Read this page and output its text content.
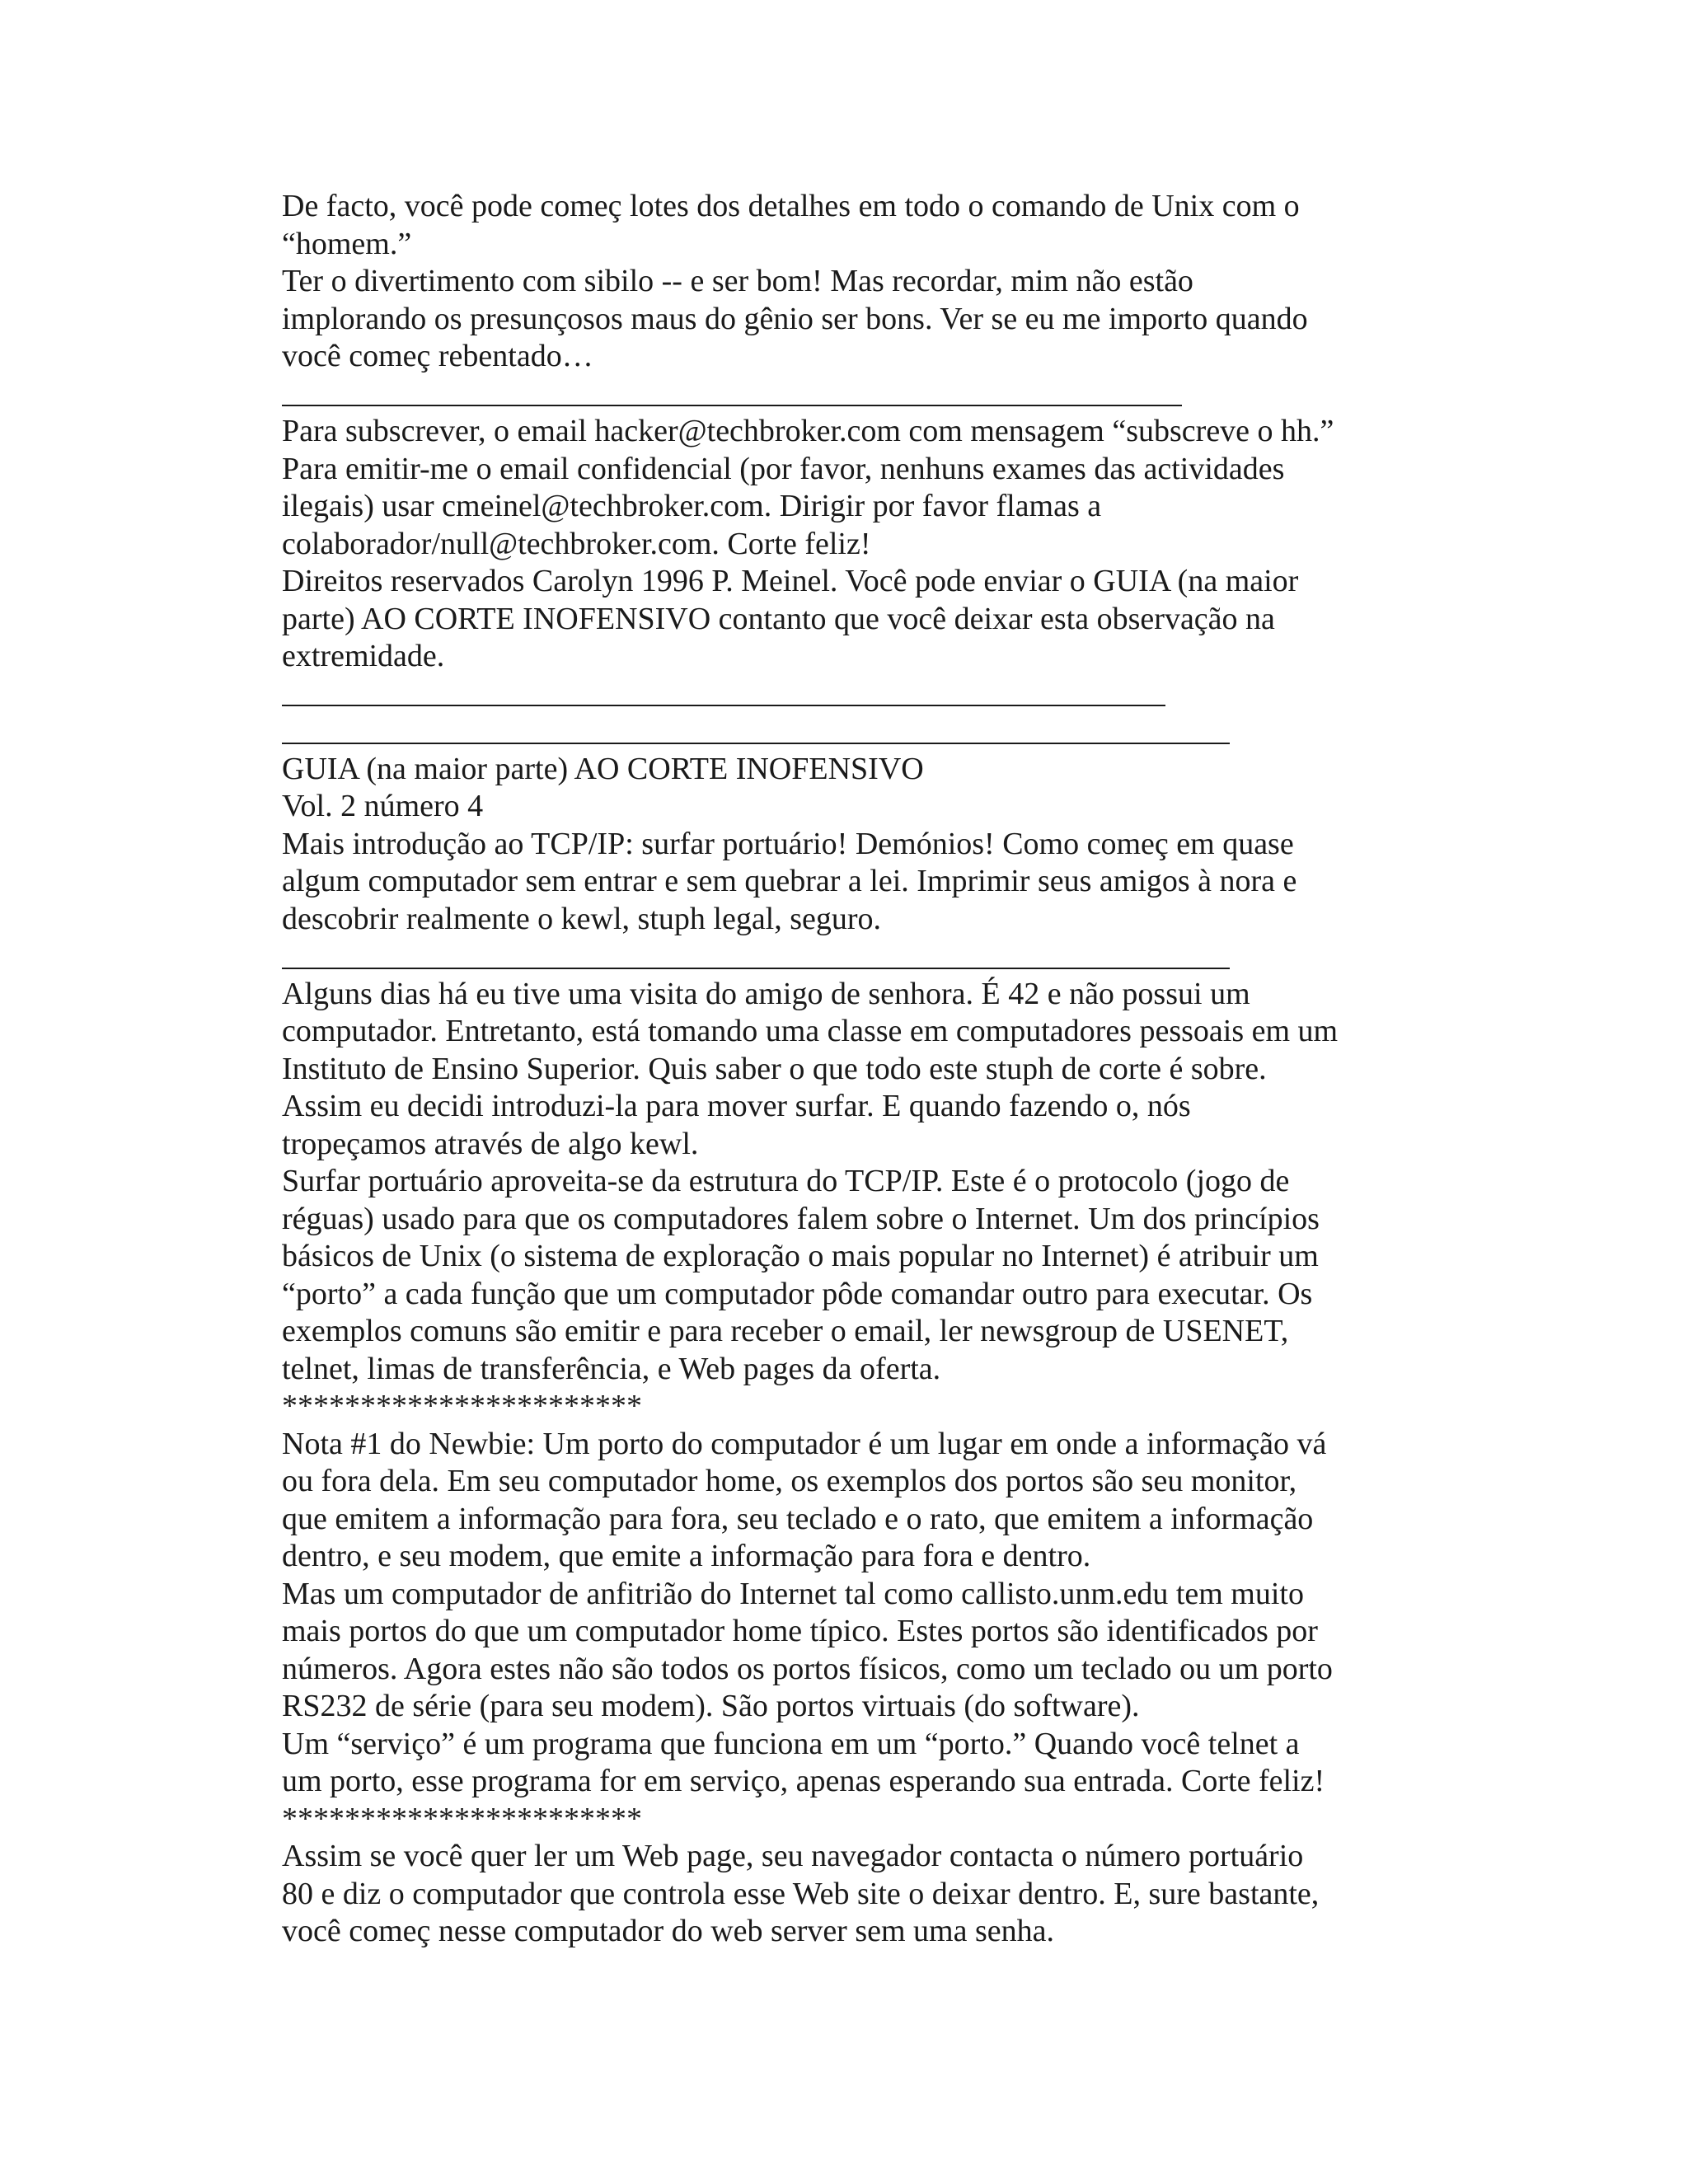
De facto, você pode começ lotes dos detalhes em todo o comando de Unix com o
“homem.”

Ter o divertimento com sibilo -- e ser bom! Mas recordar, mim não estão
implorando os presunçosos maus do gênio ser bons. Ver se eu me importo quando
você começ rebentado…

Para subscrever, o email hacker@techbroker.com com mensagem “subscreve o hh.”
Para emitir-me o email confidencial (por favor, nenhuns exames das actividades
ilegais) usar cmeinel@techbroker.com. Dirigir por favor flamas a
colaborador/null@techbroker.com. Corte feliz!

Direitos reservados Carolyn 1996 P. Meinel. Você pode enviar o GUIA (na maior
parte) AO CORTE INOFENSIVO contanto que você deixar esta observação na
extremidade.

GUIA (na maior parte) AO CORTE INOFENSIVO
Vol. 2 número 4

Mais introdução ao TCP/IP: surfar portuário! Demónios! Como começ em quase
algum computador sem entrar e sem quebrar a lei. Imprimir seus amigos à nora e
descobrir realmente o kewl, stuph legal, seguro.

Alguns dias há eu tive uma visita do amigo de senhora. É 42 e não possui um
computador. Entretanto, está tomando uma classe em computadores pessoais em um
Instituto de Ensino Superior. Quis saber o que todo este stuph de corte é sobre.
Assim eu decidi introduzi-la para mover surfar. E quando fazendo o, nós
tropeçamos através de algo kewl.

Surfar portuário aproveita-se da estrutura do TCP/IP. Este é o protocolo (jogo de
réguas) usado para que os computadores falem sobre o Internet. Um dos princípios
básicos de Unix (o sistema de exploração o mais popular no Internet) é atribuir um
“porto” a cada função que um computador pôde comandar outro para executar. Os
exemplos comuns são emitir e para receber o email, ler newsgroup de USENET,
telnet, limas de transferência, e Web pages da oferta.

***********************

Nota #1 do Newbie: Um porto do computador é um lugar em onde a informação vá
ou fora dela. Em seu computador home, os exemplos dos portos são seu monitor,
que emitem a informação para fora, seu teclado e o rato, que emitem a informação
dentro, e seu modem, que emite a informação para fora e dentro.

Mas um computador de anfitrião do Internet tal como callisto.unm.edu tem muito
mais portos do que um computador home típico. Estes portos são identificados por
números. Agora estes não são todos os portos físicos, como um teclado ou um porto
RS232 de série (para seu modem). São portos virtuais (do software).

Um “serviço” é um programa que funciona em um “porto.” Quando você telnet a
um porto, esse programa for em serviço, apenas esperando sua entrada. Corte feliz!

***********************

Assim se você quer ler um Web page, seu navegador contacta o número portuário
80 e diz o computador que controla esse Web site o deixar dentro. E, sure bastante,
você começ nesse computador do web server sem uma senha.
